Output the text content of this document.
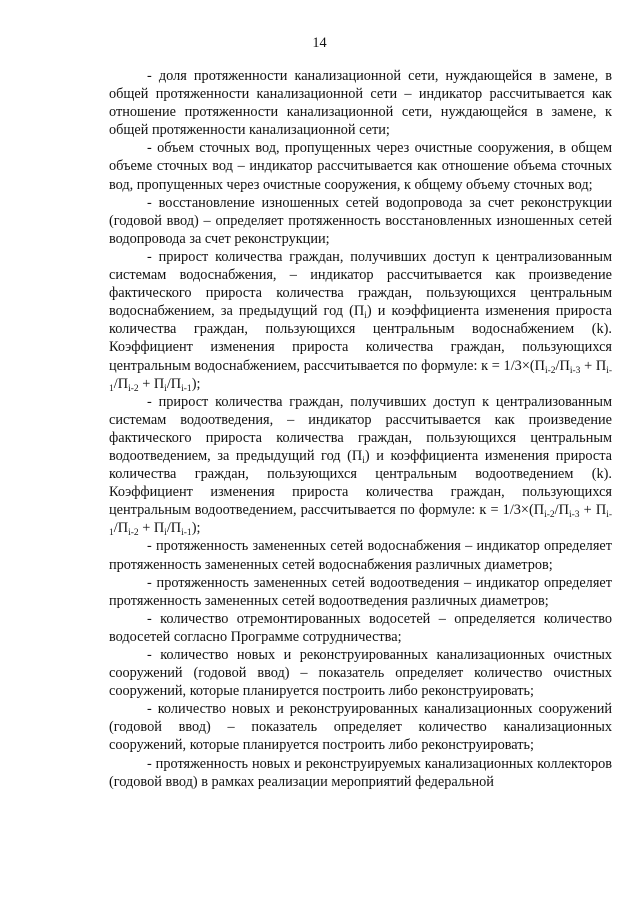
14

- доля протяженности канализационной сети, нуждающейся в замене, в общей протяженности канализационной сети – индикатор рассчитывается как отношение протяженности канализационной сети, нуждающейся в замене, к общей протяженности канализационной сети;

- объем сточных вод, пропущенных через очистные сооружения, в общем объеме сточных вод – индикатор рассчитывается как отношение объема сточных вод, пропущенных через очистные сооружения, к общему объему сточных вод;

- восстановление изношенных сетей водопровода за счет реконструкции (годовой ввод) – определяет протяженность восстановленных изношенных сетей водопровода за счет реконструкции;

- прирост количества граждан, получивших доступ к централизованным системам водоснабжения, – индикатор рассчитывается как произведение фактического прироста количества граждан, пользующихся центральным водоснабжением, за предыдущий год $(П_i)$ и коэффициента изменения прироста количества граждан, пользующихся центральным водоснабжением (k). Коэффициент изменения прироста количества граждан, пользующихся центральным водоснабжением, рассчитывается по формуле: $к = 1/3\times(П_{i-2}/П_{i-3} + П_{i-1}/П_{i-2} + П_i/П_{i-1})$;

- прирост количества граждан, получивших доступ к централизованным системам водоотведения, – индикатор рассчитывается как произведение фактического прироста количества граждан, пользующихся центральным водоотведением, за предыдущий год $(П_i)$ и коэффициента изменения прироста количества граждан, пользующихся центральным водоотведением (k). Коэффициент изменения прироста количества граждан, пользующихся центральным водоотведением, рассчитывается по формуле: $к = 1/3\times(П_{i-2}/П_{i-3} + П_{i-1}/П_{i-2} + П_i/П_{i-1})$;

- протяженность замененных сетей водоснабжения – индикатор определяет протяженность замененных сетей водоснабжения различных диаметров;

- протяженность замененных сетей водоотведения – индикатор определяет протяженность замененных сетей водоотведения различных диаметров;

- количество отремонтированных водосетей – определяется количество водосетей согласно Программе сотрудничества;

- количество новых и реконструированных канализационных очистных сооружений (годовой ввод) – показатель определяет количество очистных сооружений, которые планируется построить либо реконструировать;

- количество новых и реконструированных канализационных сооружений (годовой ввод) – показатель определяет количество канализационных сооружений, которые планируется построить либо реконструировать;

- протяженность новых и реконструируемых канализационных коллекторов (годовой ввод) в рамках реализации мероприятий федеральной
